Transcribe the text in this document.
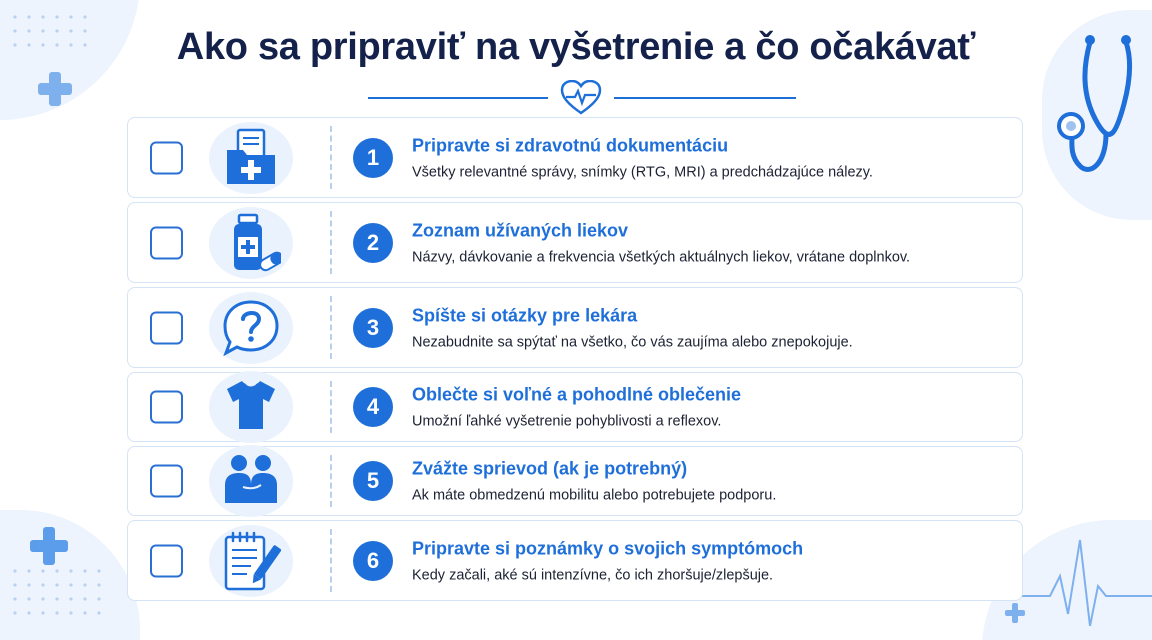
Ako sa pripraviť na vyšetrenie a čo očakávať
1	Pripravte si zdravotnú dokumentáciu
Všetky relevantné správy, snímky (RTG, MRI) a predchádzajúce nálezy.
2	Zoznam užívaných liekov
Názvy, dávkovanie a frekvencia všetkých aktuálnych liekov, vrátane doplnkov.
3	Spíšte si otázky pre lekára
Nezabudnite sa spýtať na všetko, čo vás zaujíma alebo znepokojuje.
4	Oblečte si voľné a pohodlné oblečenie
Umožní ľahké vyšetrenie pohyblivosti a reflexov.
5	Zvážte sprievod (ak je potrebný)
Ak máte obmedzenú mobilitu alebo potrebujete podporu.
6	Pripravte si poznámky o svojich symptómoch
Kedy začali, aké sú intenzívne, čo ich zhoršuje/zlepšuje.
